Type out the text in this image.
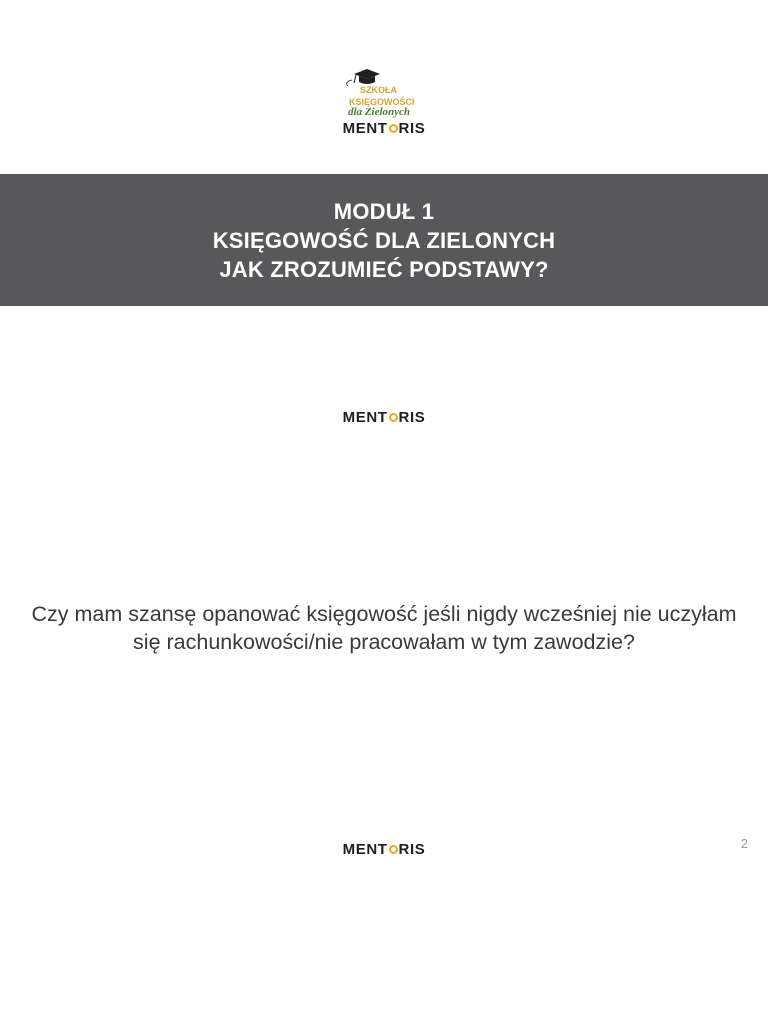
SZKOŁA
KSIĘGOWOŚCI
dla Zielonych
MENT RIS
MODUŁ 1
KSIĘGOWOŚĆ DLA ZIELONYCH
JAK ZROZUMIEĆ PODSTAWY?
MENT RIS
Czy mam szansę opanować księgowość jeśli nigdy wcześniej nie uczyłam się rachunkowości/nie pracowałam w tym zawodzie?
MENT RIS	2
